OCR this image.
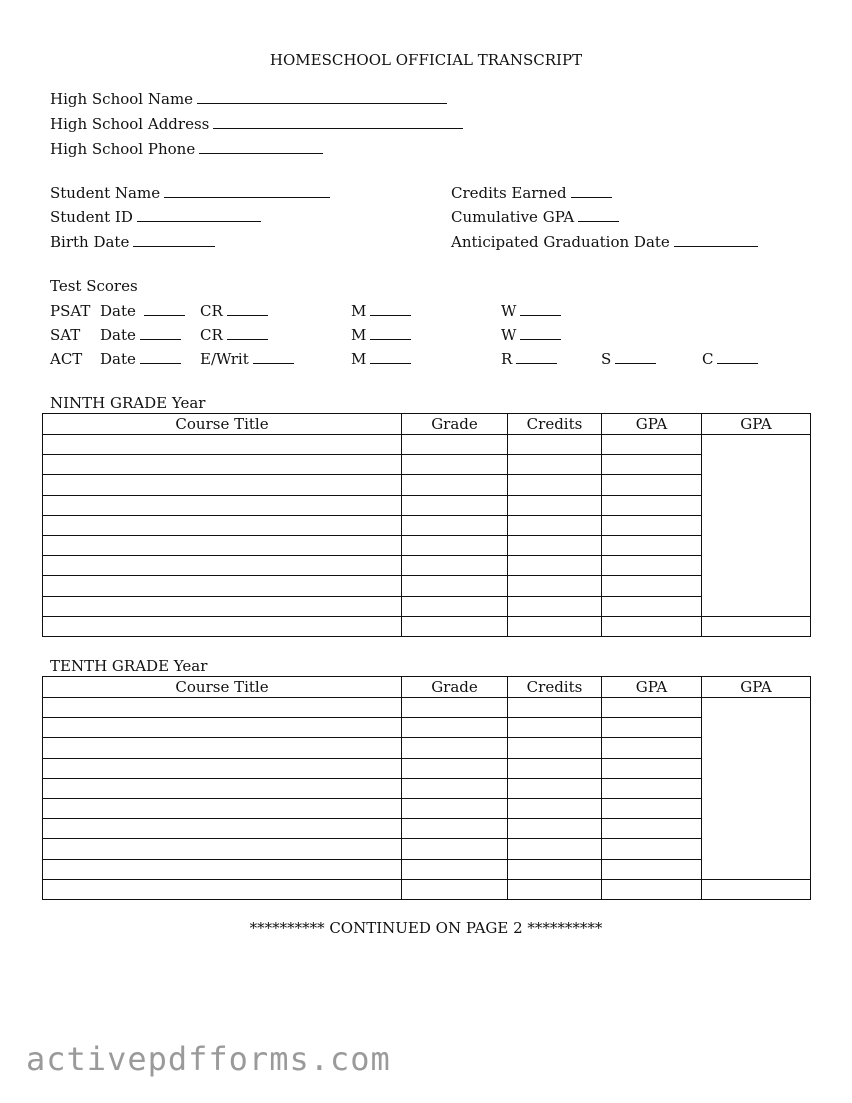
HOMESCHOOL OFFICIAL TRANSCRIPT
High School Name
High School Address
High School Phone
Student Name
Student ID
Birth Date
Credits Earned
Cumulative GPA
Anticipated Graduation Date
Test Scores
PSAT Date	CR	M	W
SAT Date	CR	M	W
ACT Date	E/Writ	M	R	S	C
NINTH GRADE Year
Course Title	Grade	Credits	GPA	GPA

TENTH GRADE Year
Course Title	Grade	Credits	GPA	GPA

********** CONTINUED ON PAGE 2 **********
activepdfforms.com
